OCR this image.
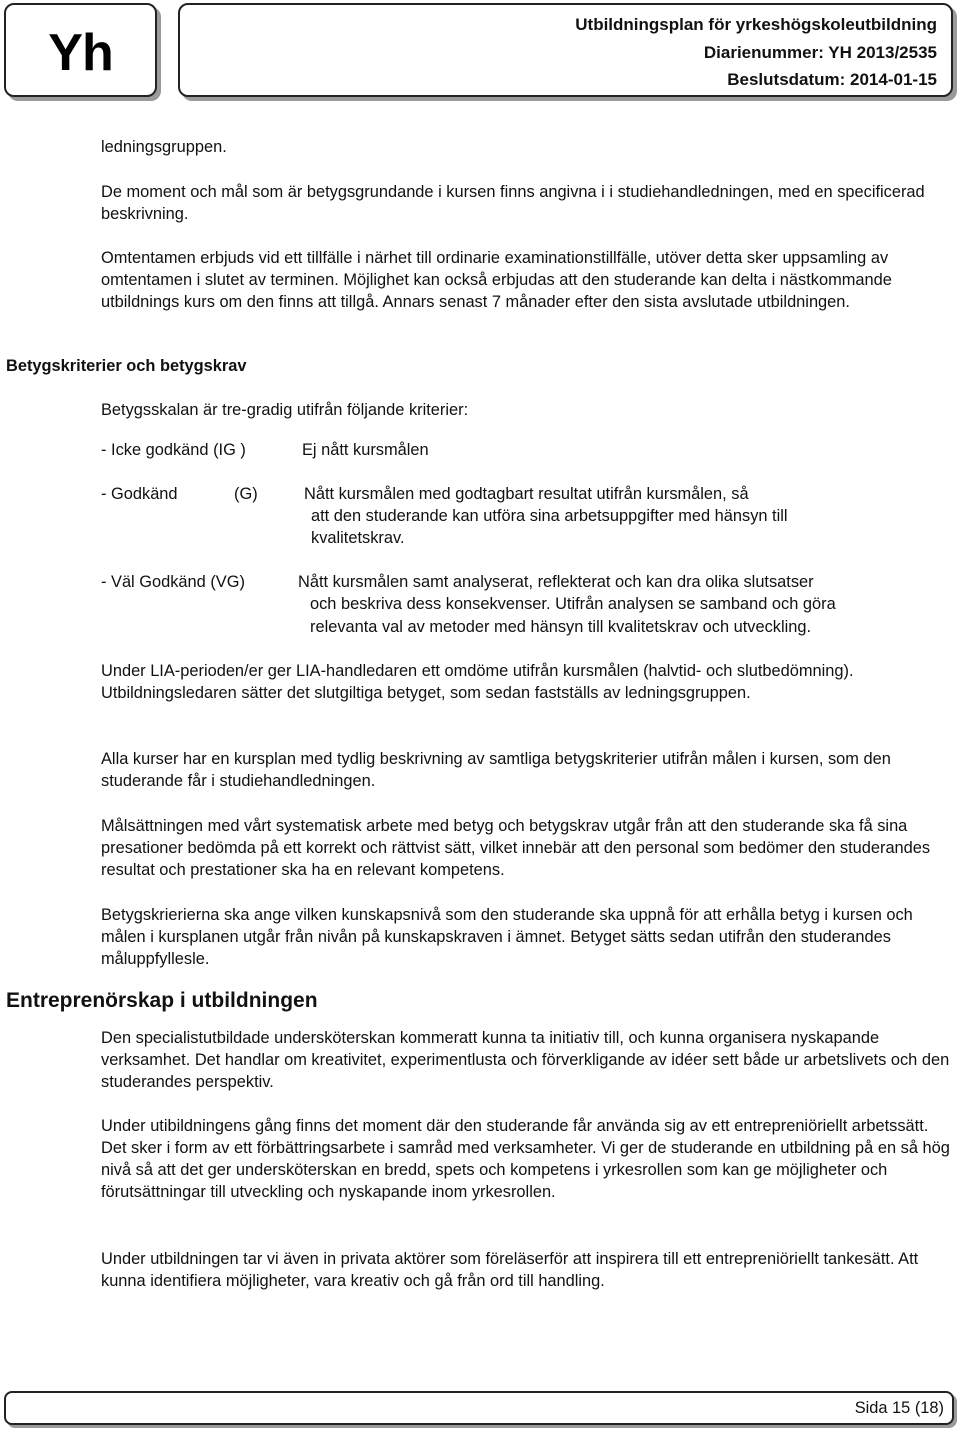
Yh	Utbildningsplan för yrkeshögskoleutbildning
Diarienummer: YH 2013/2535
Beslutsdatum: 2014-01-15
ledningsgruppen.
De moment och mål som är betygsgrundande i kursen finns angivna i i studiehandledningen, med en specificerad beskrivning.
Omtentamen erbjuds vid ett tillfälle i närhet till ordinarie examinationstillfälle, utöver detta sker uppsamling av omtentamen i slutet av terminen. Möjlighet kan också erbjudas att den studerande kan delta i nästkommande utbildnings kurs om den finns att tillgå. Annars senast 7 månader efter den sista avslutade utbildningen.
Betygskriterier och betygskrav
Betygsskalan är tre-gradig utifrån följande kriterier:
- Icke godkänd (IG )	Ej nått kursmålen
- Godkänd	(G)	Nått kursmålen med godtagbart resultat utifrån kursmålen, så
att den studerande kan utföra sina arbetsuppgifter med hänsyn till
kvalitetskrav.
- Väl Godkänd (VG)	Nått kursmålen samt analyserat, reflekterat och kan dra olika slutsatser
och beskriva dess konsekvenser. Utifrån analysen se samband och göra
relevanta val av metoder med hänsyn till kvalitetskrav och utveckling.
Under LIA-perioden/er ger LIA-handledaren ett omdöme utifrån kursmålen (halvtid- och slutbedömning). Utbildningsledaren sätter det slutgiltiga betyget, som sedan fastställs av ledningsgruppen.
Alla kurser har en kursplan med tydlig beskrivning av samtliga betygskriterier utifrån målen i kursen, som den studerande får i studiehandledningen.
Målsättningen med vårt systematisk arbete med betyg och betygskrav utgår från att den studerande ska få sina presationer bedömda på ett korrekt och rättvist sätt, vilket innebär att den personal som bedömer den studerandes resultat och prestationer ska ha en relevant kompetens.
Betygskrierierna ska ange vilken kunskapsnivå som den studerande ska uppnå för att erhålla betyg i kursen och målen i kursplanen utgår från nivån på kunskapskraven i ämnet. Betyget sätts sedan utifrån den studerandes måluppfyllesle.
Entreprenörskap i utbildningen
Den specialistutbildade undersköterskan kommeratt kunna ta initiativ till, och kunna organisera nyskapande verksamhet. Det handlar om kreativitet, experimentlusta och förverkligande av idéer sett både ur arbetslivets och den studerandes perspektiv.
Under utibildningens gång finns det moment där den studerande får använda sig av ett entrepreniöriellt arbetssätt. Det sker i form av ett förbättringsarbete i samråd med verksamheter. Vi ger de studerande en utbildning på en så hög nivå så att det ger undersköterskan en bredd, spets och kompetens i yrkesrollen som kan ge möjligheter och förutsättningar till utveckling och nyskapande inom yrkesrollen.
Under utbildningen tar vi även in privata aktörer som föreläserför att inspirera till ett entrepreniöriellt tankesätt. Att kunna identifiera möjligheter, vara kreativ och gå från ord till handling.
Sida 15 (18)
